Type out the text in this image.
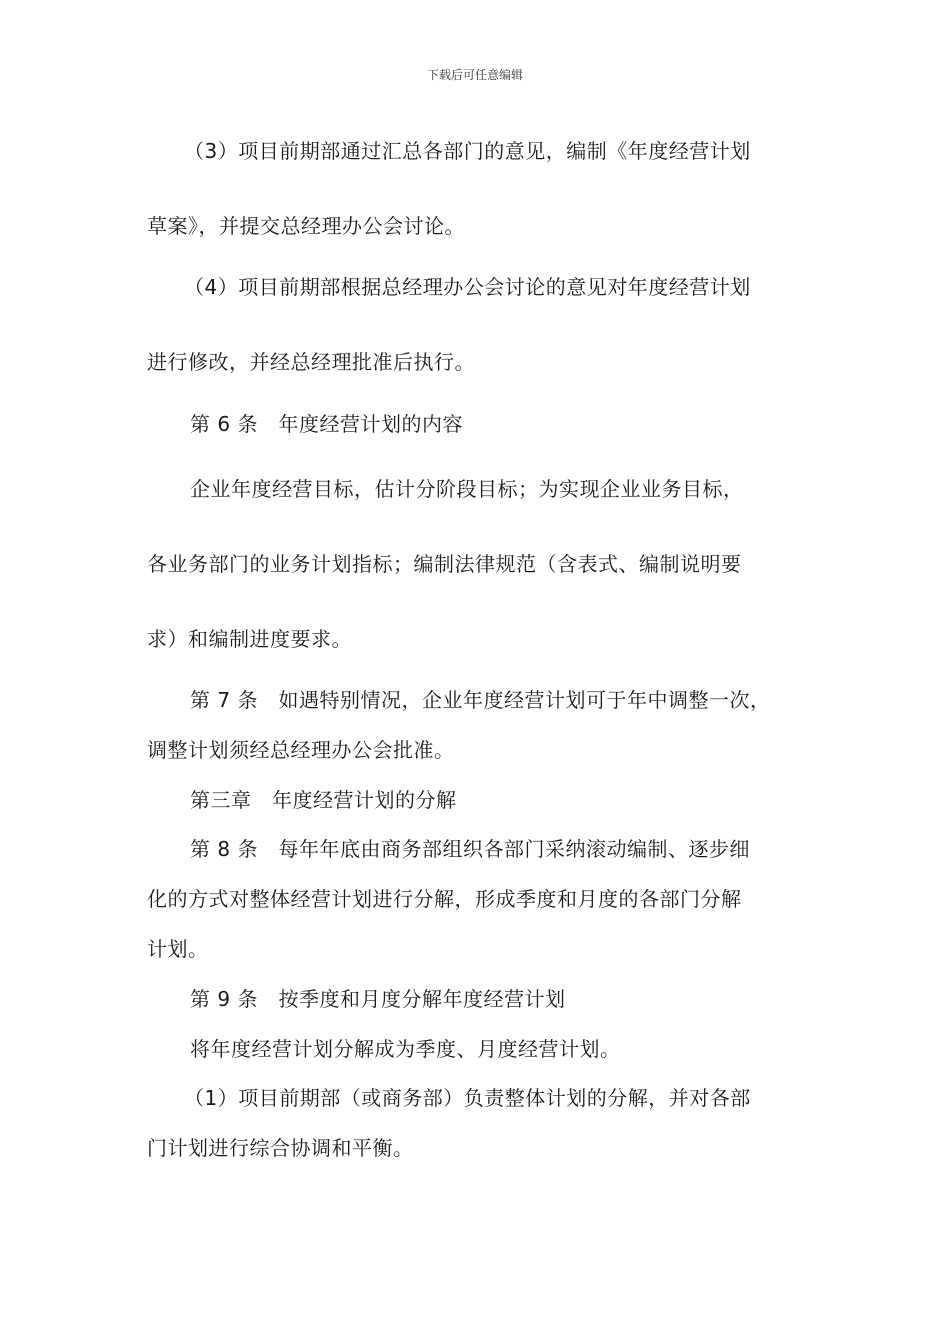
下载后可任意编辑
（3）项目前期部通过汇总各部门的意见，编制《年度经营计划
草案》，并提交总经理办公会讨论。
（4）项目前期部根据总经理办公会讨论的意见对年度经营计划
进行修改，并经总经理批准后执行。
第 6 条　年度经营计划的内容
企业年度经营目标，估计分阶段目标；为实现企业业务目标，
各业务部门的业务计划指标；编制法律规范（含表式、编制说明要
求）和编制进度要求。
第 7 条　如遇特别情况，企业年度经营计划可于年中调整一次，
调整计划须经总经理办公会批准。
第三章　年度经营计划的分解
第 8 条　每年年底由商务部组织各部门采纳滚动编制、逐步细
化的方式对整体经营计划进行分解，形成季度和月度的各部门分解
计划。
第 9 条　按季度和月度分解年度经营计划
将年度经营计划分解成为季度、月度经营计划。
（1）项目前期部（或商务部）负责整体计划的分解，并对各部
门计划进行综合协调和平衡。
